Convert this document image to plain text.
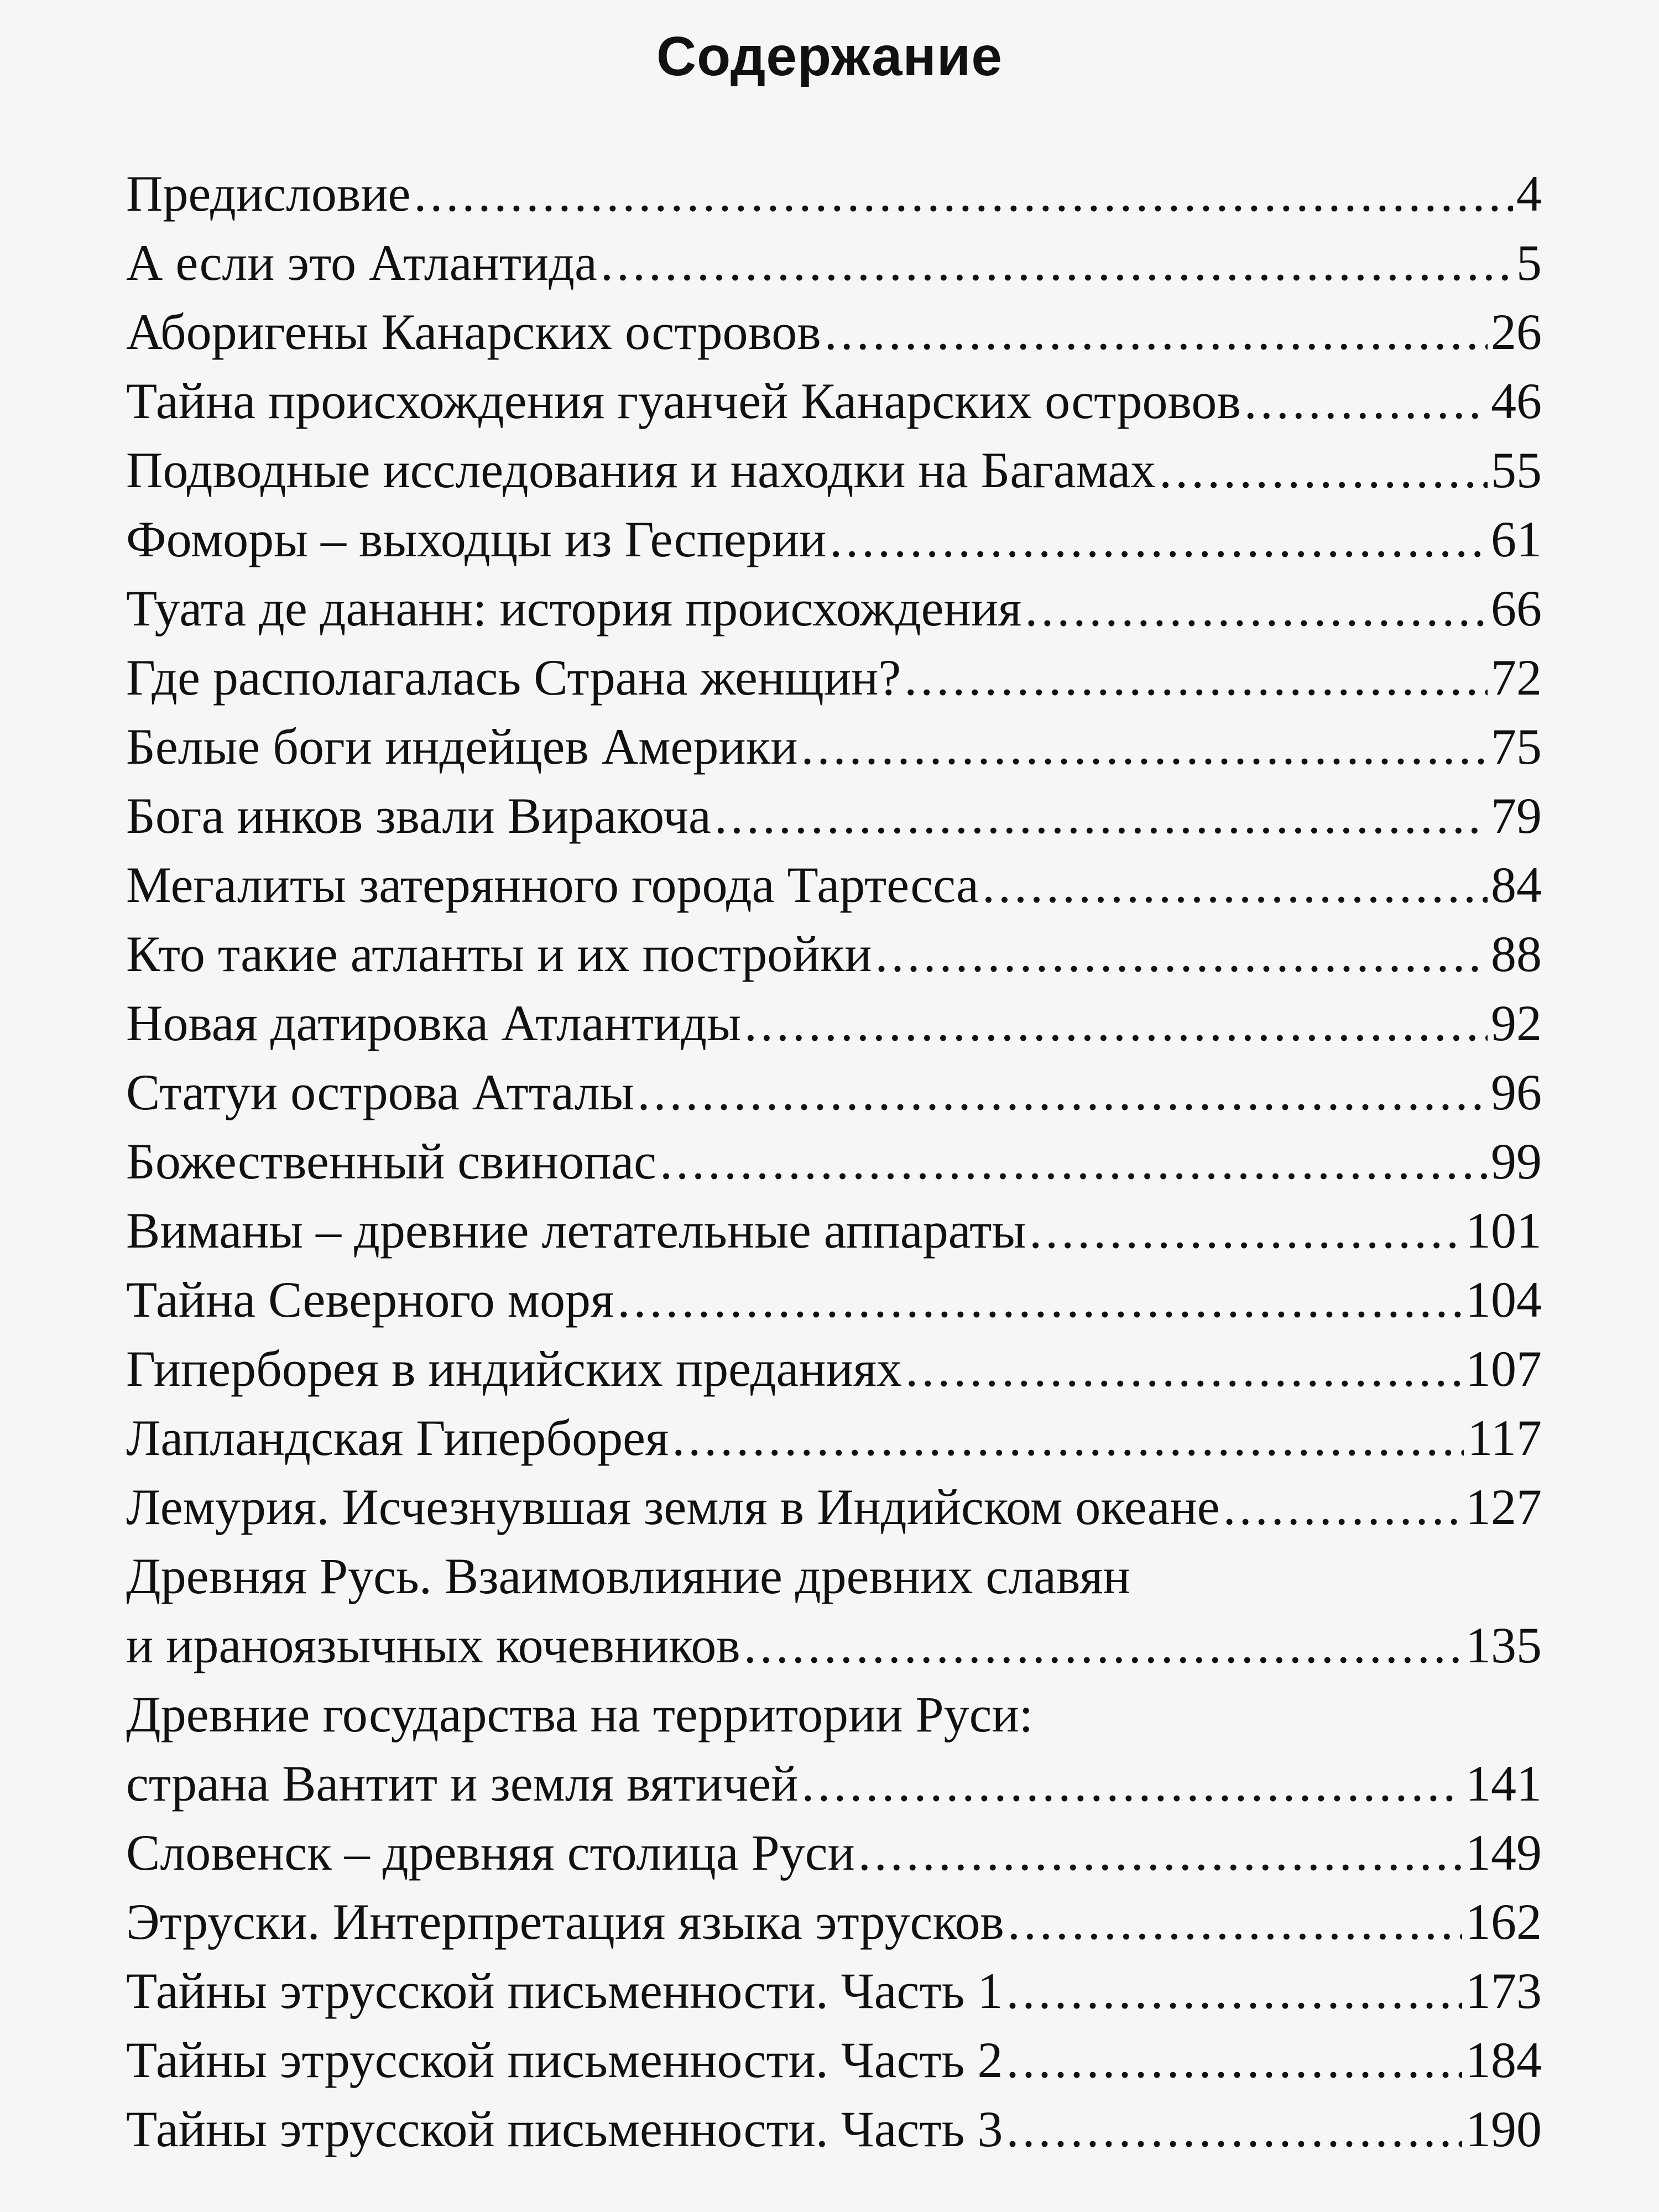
Содержание
Предисловие .....	4
А если это Атлантида .....	5
Аборигены Канарских островов .....	26
Тайна происхождения гуанчей Канарских островов .....	46
Подводные исследования и находки на Багамах .....	55
Фоморы – выходцы из Гесперии .....	61
Туата де дананн: история происхождения .....	66
Где располагалась Страна женщин? .....	72
Белые боги индейцев Америки .....	75
Бога инков звали Виракоча .....	79
Мегалиты затерянного города Тартесса .....	84
Кто такие атланты и их постройки .....	88
Новая датировка Атлантиды .....	92
Статуи острова Атталы .....	96
Божественный свинопас .....	99
Виманы – древние летательные аппараты .....	101
Тайна Северного моря .....	104
Гиперборея в индийских преданиях .....	107
Лапландская Гиперборея .....	117
Лемурия. Исчезнувшая земля в Индийском океане .....	127
Древняя Русь. Взаимовлияние древних славян
и ираноязычных кочевников .....	135
Древние государства на территории Руси:
страна Вантит и земля вятичей .....	141
Словенск – древняя столица Руси .....	149
Этруски. Интерпретация языка этрусков .....	162
Тайны этрусской письменности. Часть 1 .....	173
Тайны этрусской письменности. Часть 2 .....	184
Тайны этрусской письменности. Часть 3 .....	190
